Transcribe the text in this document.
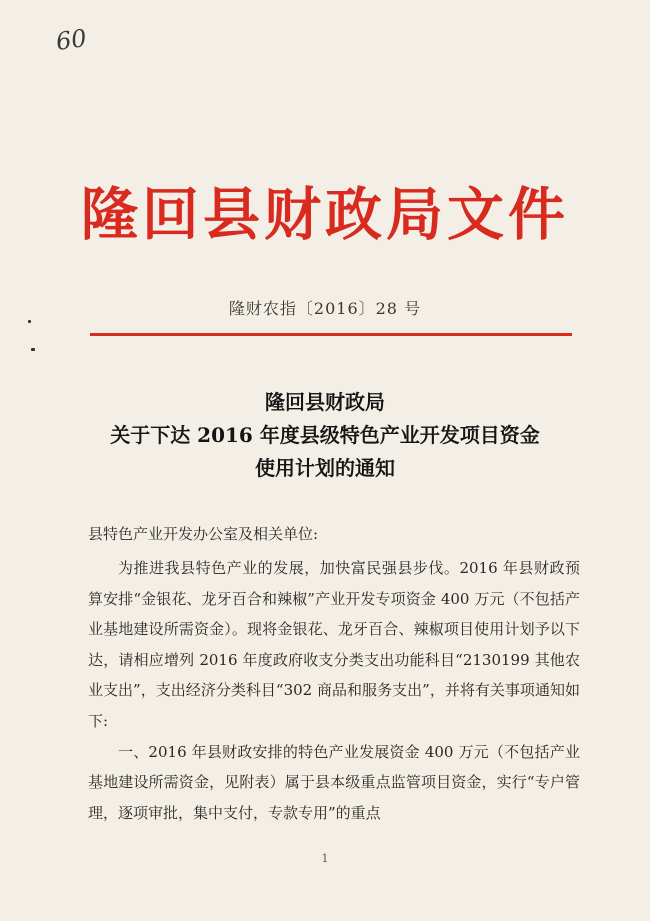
60
隆回县财政局文件
隆财农指〔2016〕28 号
隆回县财政局
关于下达 2016 年度县级特色产业开发项目资金
使用计划的通知
县特色产业开发办公室及相关单位:

为推进我县特色产业的发展，加快富民强县步伐。2016 年县财政预算安排“金银花、龙牙百合和辣椒”产业开发专项资金 400 万元（不包括产业基地建设所需资金）。现将金银花、龙牙百合、辣椒项目使用计划予以下达，请相应增列 2016 年度政府收支分类支出功能科目“2130199 其他农业支出”，支出经济分类科目“302 商品和服务支出”，并将有关事项通知如下:

一、2016 年县财政安排的特色产业发展资金 400 万元（不包括产业基地建设所需资金，见附表）属于县本级重点监管项目资金，实行“专户管理，逐项审批，集中支付，专款专用”的重点

1
